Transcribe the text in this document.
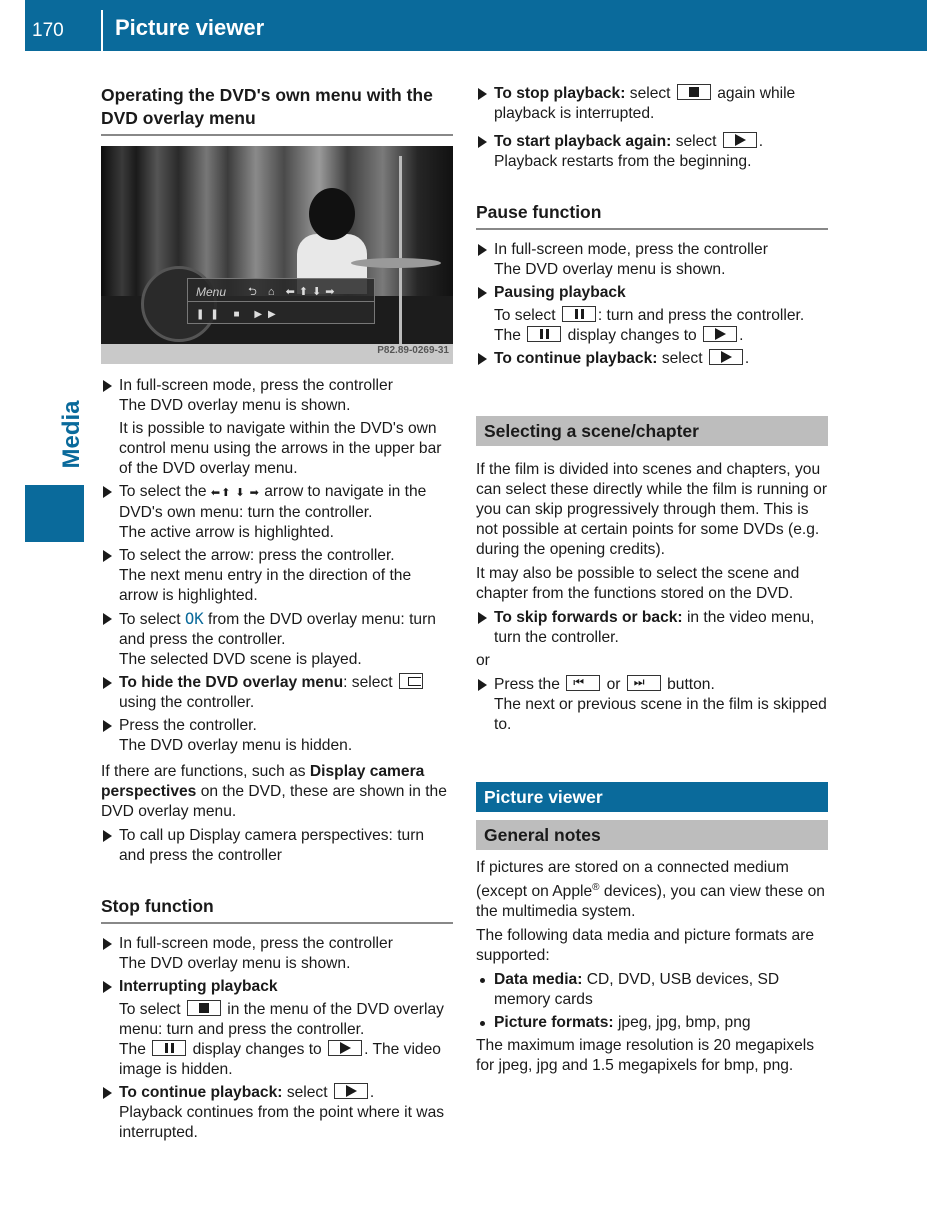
170	Picture viewer
Media
Operating the DVD's own menu with the DVD overlay menu
Menu ⮌ ⌂ ⬅⬆⬇➡
❚❚ ■ ▶▶
P82.89-0269-31

In full-screen mode, press the controller

The DVD overlay menu is shown.

It is possible to navigate within the DVD's own control menu using the arrows in the upper bar of the DVD overlay menu.

To select the ⬅⬆ ⬇ ➡ arrow to navigate in the DVD's own menu: turn the controller.

The active arrow is highlighted.

To select the arrow: press the controller.

The next menu entry in the direction of the arrow is highlighted.

To select OK from the DVD overlay menu: turn and press the controller.

The selected DVD scene is played.

To hide the DVD overlay menu: select

using the controller.

Press the controller.

The DVD overlay menu is hidden.

If there are functions, such as Display camera perspectives on the DVD, these are shown in the DVD overlay menu.

To call up Display camera perspectives: turn and press the controller

Stop function

In full-screen mode, press the controller

The DVD overlay menu is shown.

Interrupting playback

To select	in the menu of the DVD overlay menu: turn and press the controller.

The	display changes to	. The video image is hidden.

To continue playback: select	.

Playback continues from the point where it was interrupted.

To stop playback: select	again while playback is interrupted.

To start playback again: select	.

Playback restarts from the beginning.

Pause function

In full-screen mode, press the controller

The DVD overlay menu is shown.

Pausing playback

To select	: turn and press the controller.

The	display changes to	.

To continue playback: select	.

Selecting a scene/chapter

If the film is divided into scenes and chapters, you can select these directly while the film is running or you can skip progressively through them. This is not possible at certain points for some DVDs (e.g. during the opening credits).

It may also be possible to select the scene and chapter from the functions stored on the DVD.

To skip forwards or back: in the video menu, turn the controller.

or

Press the ⏮ or ⏭ button.

The next or previous scene in the film is skipped to.

Picture viewer
General notes

If pictures are stored on a connected medium (except on Apple® devices), you can view these on the multimedia system.

The following data media and picture formats are supported:

Data media: CD, DVD, USB devices, SD memory cards
Picture formats: jpeg, jpg, bmp, png

The maximum image resolution is 20 megapixels for jpeg, jpg and 1.5 megapixels for bmp, png.
